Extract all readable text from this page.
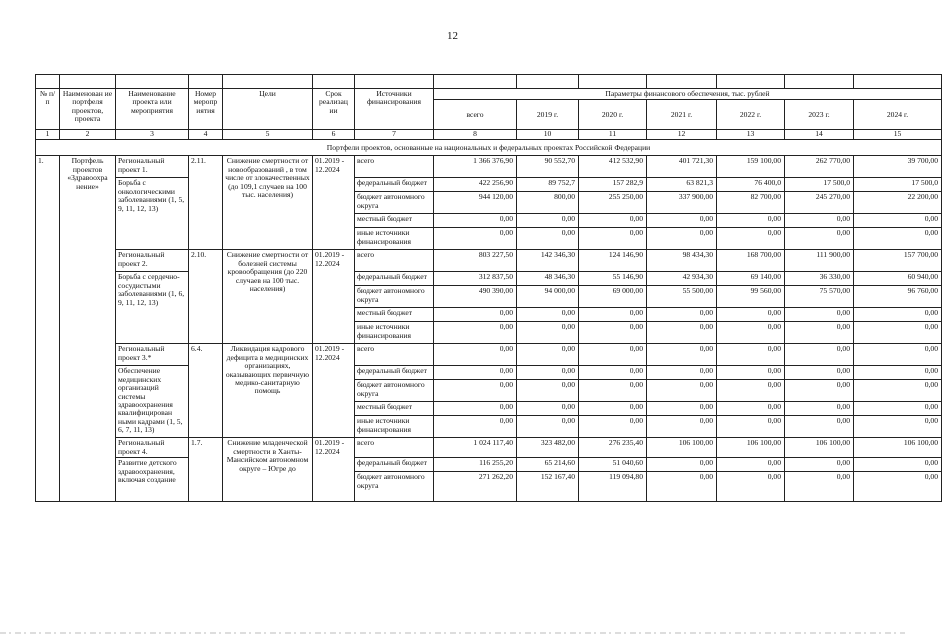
12

№ п/п	Наименован ие портфеля проектов, проекта	Наименование проекта или мероприятия	Номер меропр иятия	Цели	Срок реализац ии	Источники финансирования	Параметры финансового обеспечения, тыс. рублей						
							всего	2019 г.	2020 г.	2021 г.	2022 г.	2023 г.	2024 г.
1	2	3	4	5	6	7	8	10	11	12	13	14	15
Портфели проектов, основанные на национальных и федеральных проектах Российской Федерации													
1.	Портфель проектов «Здравоохра нение»	Региональный проект 1.	2.11.	Снижение смертности от новообразований , в том числе от злокачественных (до 109,1 случаев на 100 тыс. населения)	01.2019 - 12.2024	всего	1 366 376,90	90 552,70	412 532,90	401 721,30	159 100,00	262 770,00	39 700,00
		Борьба с онкологическими заболеваниями (1, 5, 9, 11, 12, 13)				федеральный бюджет	422 256,90	89 752,7	157 282,9	63 821,3	76 400,0	17 500,0	17 500,0
						бюджет автономного округа	944 120,00	800,00	255 250,00	337 900,00	82 700,00	245 270,00	22 200,00
						местный бюджет	0,00	0,00	0,00	0,00	0,00	0,00	0,00
						иные источники финансирования	0,00	0,00	0,00	0,00	0,00	0,00	0,00
		Региональный проект 2.	2.10.	Снижение смертности от болезней системы кровообращения (до 220 случаев на 100 тыс. населения)	01.2019 - 12.2024	всего	803 227,50	142 346,30	124 146,90	98 434,30	168 700,00	111 900,00	157 700,00
		Борьба с сердечно-сосудистыми заболеваниями (1, 6, 9, 11, 12, 13)				федеральный бюджет	312 837,50	48 346,30	55 146,90	42 934,30	69 140,00	36 330,00	60 940,00
						бюджет автономного округа	490 390,00	94 000,00	69 000,00	55 500,00	99 560,00	75 570,00	96 760,00
						местный бюджет	0,00	0,00	0,00	0,00	0,00	0,00	0,00
						иные источники финансирования	0,00	0,00	0,00	0,00	0,00	0,00	0,00
		Региональный проект 3.*	6.4.	Ликвидация кадрового дефицита в медицинских организациях, оказывающих первичную медико-санитарную помощь	01.2019 - 12.2024	всего	0,00	0,00	0,00	0,00	0,00	0,00	0,00
		Обеспечение медицинских организаций системы здравоохранения квалифицирован ными кадрами (1, 5, 6, 7, 11, 13)				федеральный бюджет	0,00	0,00	0,00	0,00	0,00	0,00	0,00
						бюджет автономного округа	0,00	0,00	0,00	0,00	0,00	0,00	0,00
						местный бюджет	0,00	0,00	0,00	0,00	0,00	0,00	0,00
						иные источники финансирования	0,00	0,00	0,00	0,00	0,00	0,00	0,00
		Региональный проект 4.	1.7.	Снижение младенческой смертности в Ханты-Мансийском автономном округе – Югре до	01.2019 - 12.2024	всего	1 024 117,40	323 482,00	276 235,40	106 100,00	106 100,00	106 100,00	106 100,00
		Развитие детского здравоохранения, включая создание				федеральный бюджет	116 255,20	65 214,60	51 040,60	0,00	0,00	0,00	0,00
						бюджет автономного округа	271 262,20	152 167,40	119 094,80	0,00	0,00	0,00	0,00
